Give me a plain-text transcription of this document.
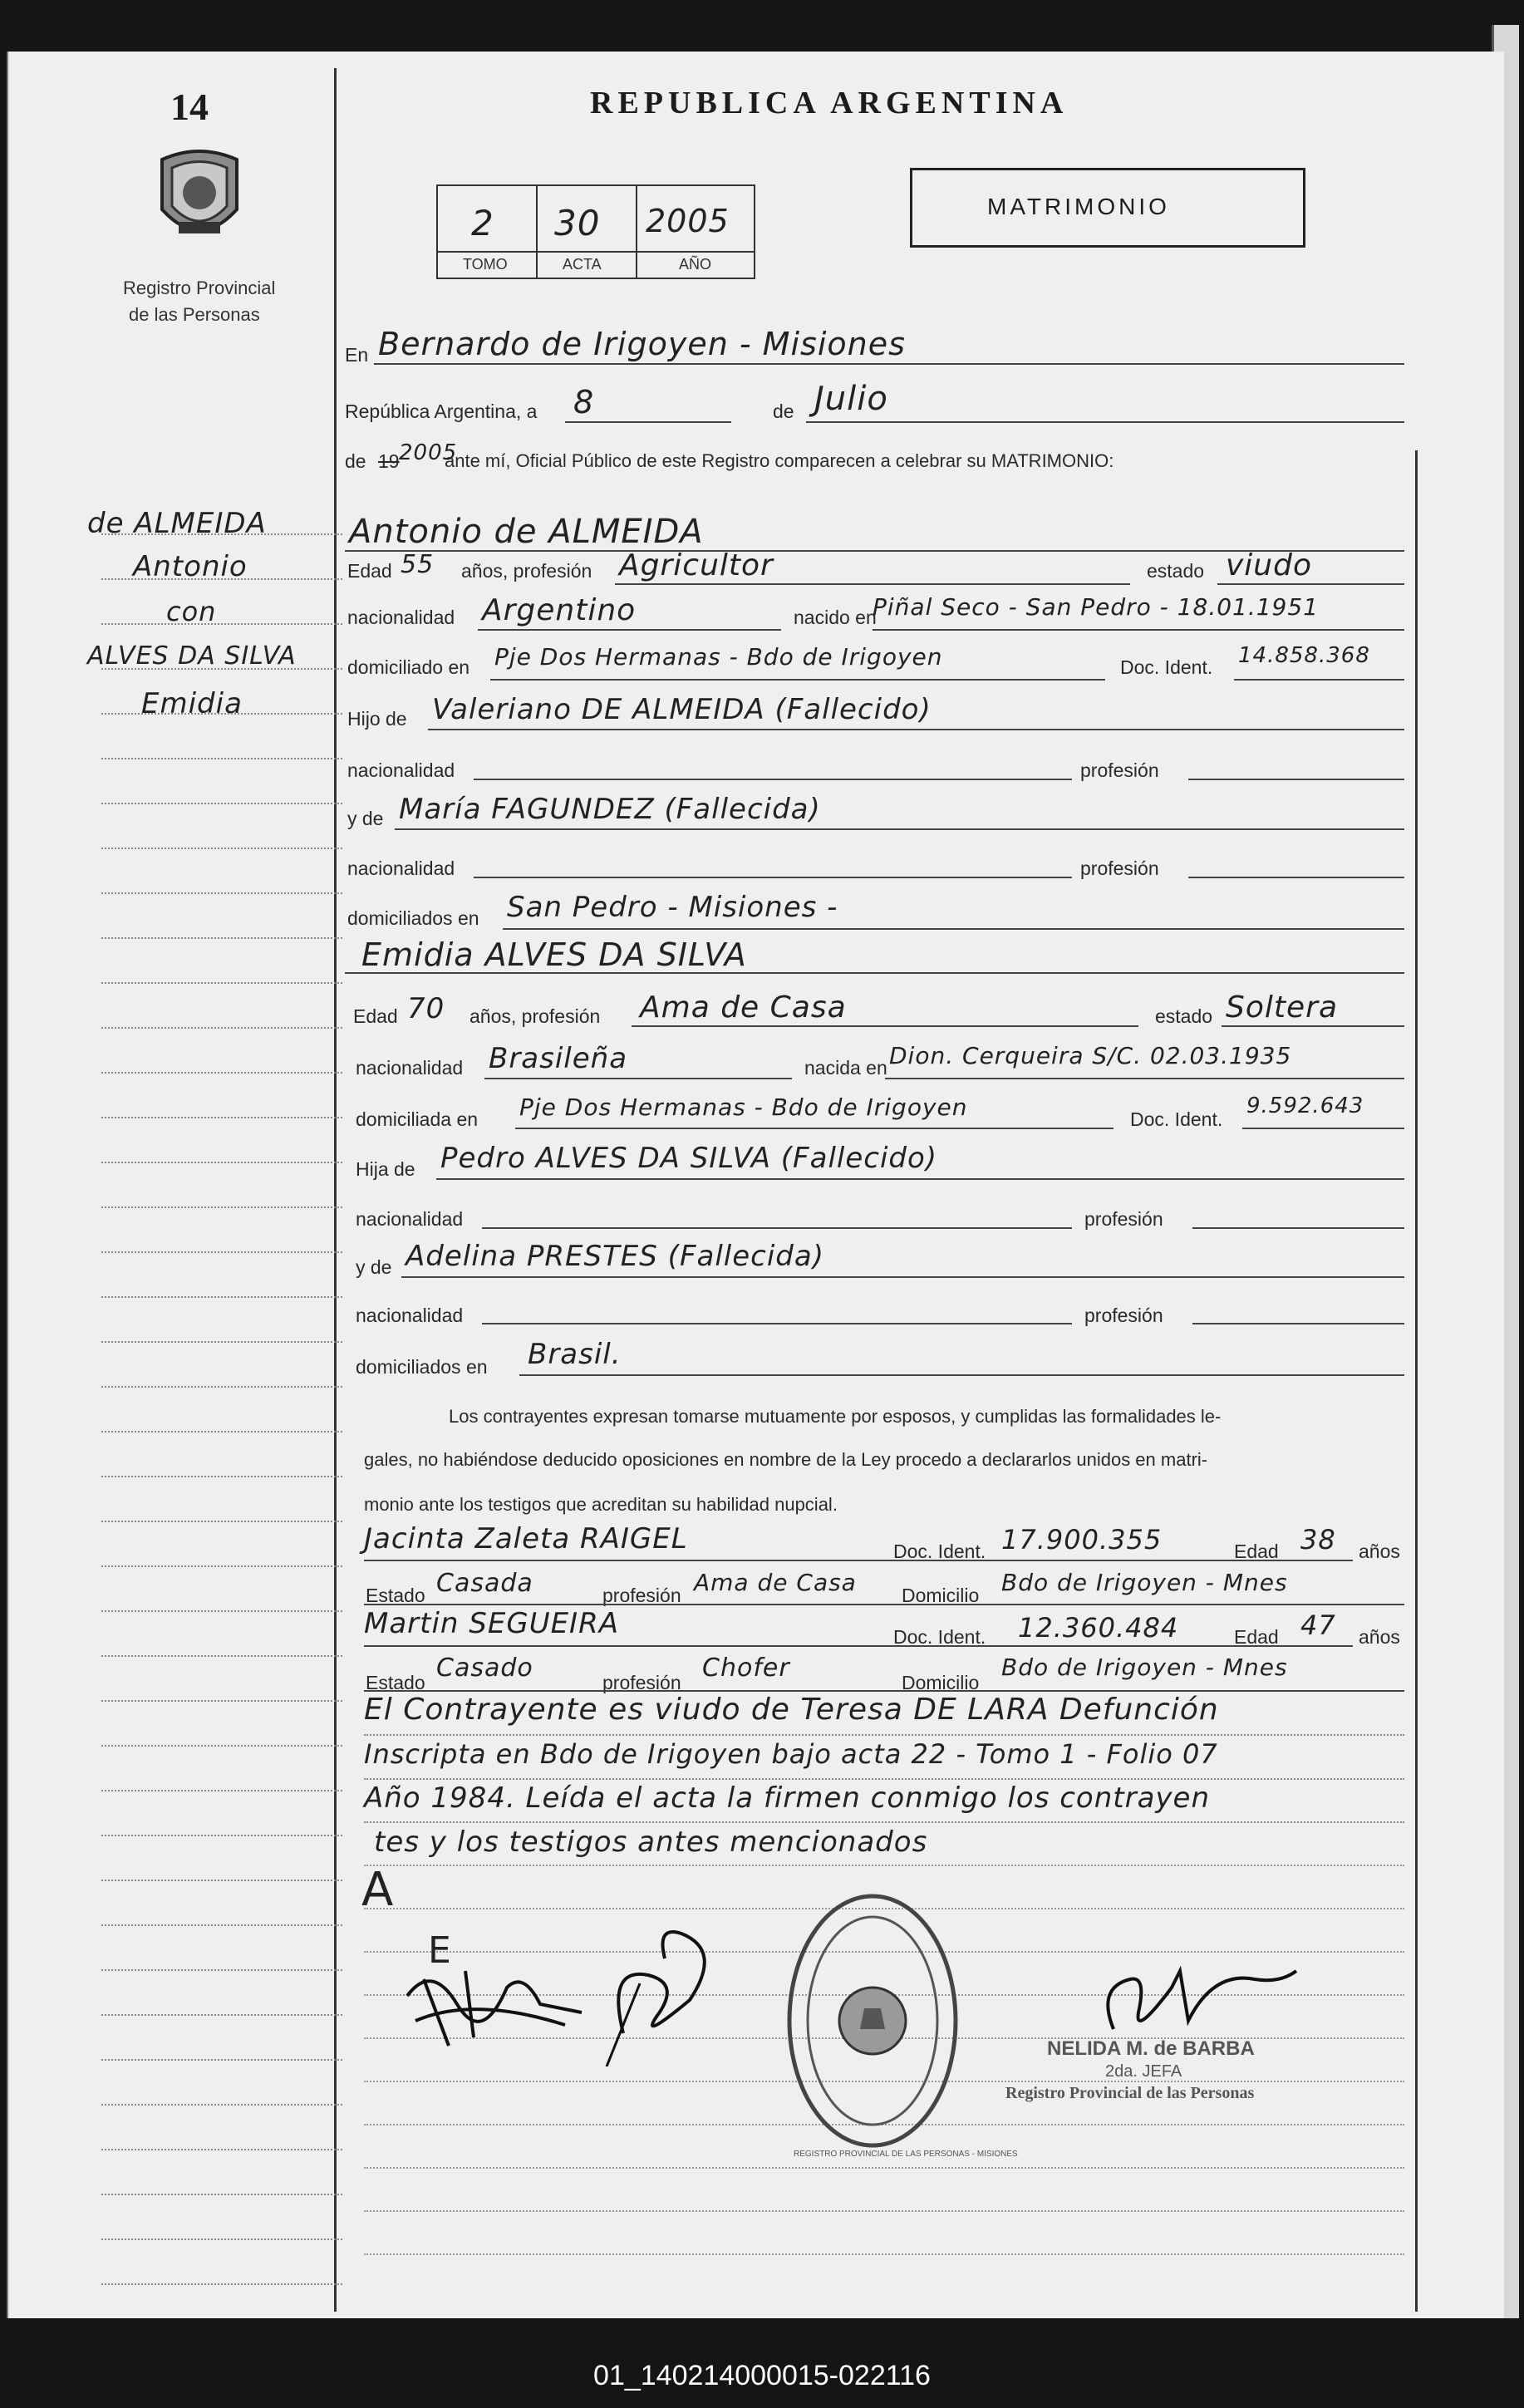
14
Registro Provincial
de las Personas
de ALMEIDA
Antonio
con
ALVES DA SILVA
Emidia
REPUBLICA ARGENTINA
MATRIMONIO
2 30 2005
TOMO	ACTA	AÑO
En Bernardo de Irigoyen - Misiones
República Argentina, a 8	de Julio
de 19 2005
ante mí, Oficial Público de este Registro comparecen a celebrar su MATRIMONIO:
Antonio de ALMEIDA
Edad 55 años, profesión Agricultor	estado viudo
nacionalidad Argentino	nacido en
Piñal Seco - San Pedro - 18.01.1951
domiciliado en Pje Dos Hermanas - Bdo de Irigoyen	Doc. Ident. 14.858.368
Hijo de Valeriano DE ALMEIDA (Fallecido)
nacionalidad	profesión
y de María FAGUNDEZ (Fallecida)
nacionalidad	profesión
domiciliados en San Pedro - Misiones -
Emidia ALVES DA SILVA
Edad 70 años, profesión Ama de Casa	estado Soltera
nacionalidad Brasileña	nacida en Dion. Cerqueira S/C. 02.03.1935
domiciliada en Pje Dos Hermanas - Bdo de Irigoyen	Doc. Ident.
9.592.643
Hija de Pedro ALVES DA SILVA (Fallecido)
nacionalidad	profesión
y de Adelina PRESTES (Fallecida)
nacionalidad	profesión
domiciliados en Brasil.
Los contrayentes expresan tomarse mutuamente por esposos, y cumplidas las formalidades le-
gales, no habiéndose deducido oposiciones en nombre de la Ley procedo a declararlos unidos en matri-
monio ante los testigos que acreditan su habilidad nupcial.
Jacinta Zaleta RAIGEL	Doc. Ident. 17.900.355	Edad 38 años
Estado Casada	profesión Ama de Casa Domicilio Bdo de Irigoyen - Mnes
Martin SEGUEIRA	Doc. Ident. 12.360.484	Edad 47 años
Estado Casado	profesión Chofer	Domicilio
Bdo de Irigoyen - Mnes
El Contrayente es viudo de Teresa DE LARA Defunción
Inscripta en Bdo de Irigoyen bajo acta 22 - Tomo 1 - Folio 07
Año 1984. Leída el acta la firmen conmigo los contrayen
tes y los testigos antes mencionados
A
E
REGISTRO PROVINCIAL DE LAS PERSONAS - MISIONES
NELIDA M. de BARBA
2da. JEFA
Registro Provincial de las Personas
01_140214000015-022116
